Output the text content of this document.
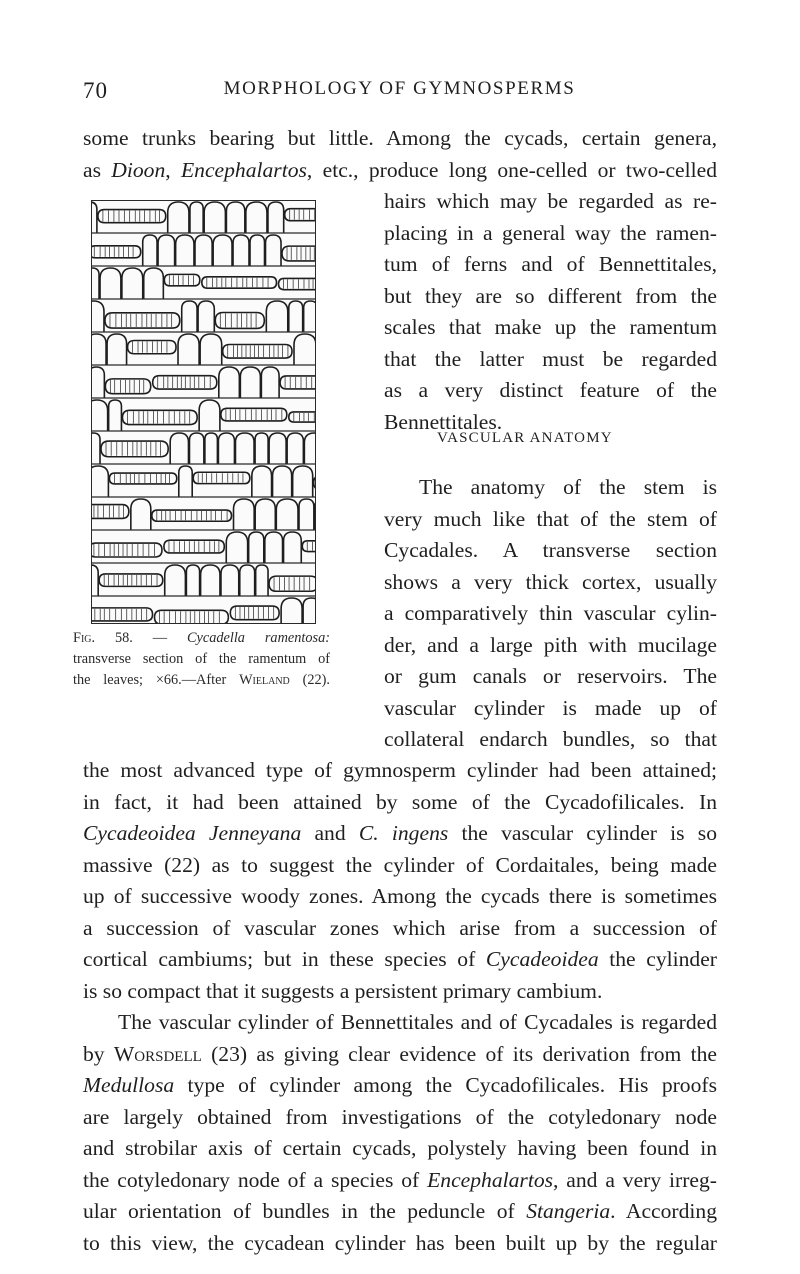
70	MORPHOLOGY OF GYMNOSPERMS
some trunks bearing but little. Among the cycads, certain genera,
as Dioon, Encephalartos, etc., produce long one-celled or two-celled
Fig. 58. — Cycadella ramentosa:
transverse section of the ramentum of
the leaves; ×66.—After Wieland (22).
hairs which may be regarded as re-
placing in a general way the ramen-
tum of ferns and of Bennettitales,
but they are so different from the
scales that make up the ramentum
that the latter must be regarded
as a very distinct feature of the
Bennettitales.
VASCULAR ANATOMY
The anatomy of the stem is
very much like that of the stem of
Cycadales. A transverse section
shows a very thick cortex, usually
a comparatively thin vascular cylin-
der, and a large pith with mucilage
or gum canals or reservoirs. The
vascular cylinder is made up of
collateral endarch bundles, so that
the most advanced type of gymnosperm cylinder had been attained;
in fact, it had been attained by some of the Cycadofilicales. In
Cycadeoidea Jenneyana and C. ingens the vascular cylinder is so
massive (22) as to suggest the cylinder of Cordaitales, being made
up of successive woody zones. Among the cycads there is sometimes
a succession of vascular zones which arise from a succession of
cortical cambiums; but in these species of Cycadeoidea the cylinder
is so compact that it suggests a persistent primary cambium.
The vascular cylinder of Bennettitales and of Cycadales is regarded
by Worsdell (23) as giving clear evidence of its derivation from the
Medullosa type of cylinder among the Cycadofilicales. His proofs
are largely obtained from investigations of the cotyledonary node
and strobilar axis of certain cycads, polystely having been found in
the cotyledonary node of a species of Encephalartos, and a very irreg-
ular orientation of bundles in the peduncle of Stangeria. According
to this view, the cycadean cylinder has been built up by the regular
